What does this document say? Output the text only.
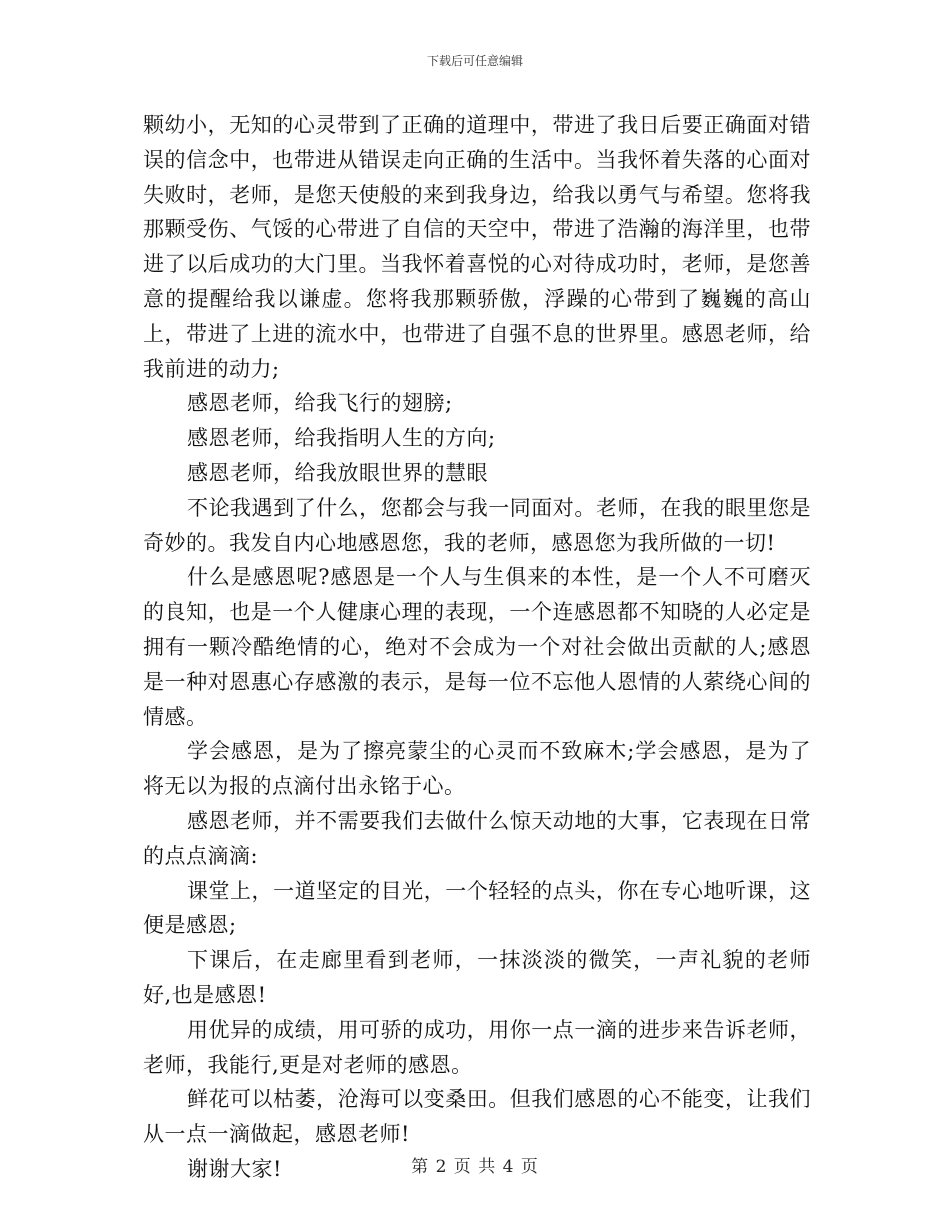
下载后可任意编辑

颗幼小，无知的心灵带到了正确的道理中，带进了我日后要正确面对错误的信念中，也带进从错误走向正确的生活中。当我怀着失落的心面对失败时，老师，是您天使般的来到我身边，给我以勇气与希望。您将我那颗受伤、气馁的心带进了自信的天空中，带进了浩瀚的海洋里，也带进了以后成功的大门里。当我怀着喜悦的心对待成功时，老师，是您善意的提醒给我以谦虚。您将我那颗骄傲，浮躁的心带到了巍巍的高山上，带进了上进的流水中，也带进了自强不息的世界里。感恩老师，给我前进的动力;

感恩老师，给我飞行的翅膀;

感恩老师，给我指明人生的方向;

感恩老师，给我放眼世界的慧眼

不论我遇到了什么，您都会与我一同面对。老师，在我的眼里您是奇妙的。我发自内心地感恩您，我的老师，感恩您为我所做的一切!

什么是感恩呢?感恩是一个人与生俱来的本性，是一个人不可磨灭的良知，也是一个人健康心理的表现，一个连感恩都不知晓的人必定是拥有一颗冷酷绝情的心，绝对不会成为一个对社会做出贡献的人;感恩是一种对恩惠心存感激的表示，是每一位不忘他人恩情的人萦绕心间的情感。

学会感恩，是为了擦亮蒙尘的心灵而不致麻木;学会感恩，是为了将无以为报的点滴付出永铭于心。

感恩老师，并不需要我们去做什么惊天动地的大事，它表现在日常的点点滴滴:

课堂上，一道坚定的目光，一个轻轻的点头，你在专心地听课，这便是感恩;

下课后，在走廊里看到老师，一抹淡淡的微笑，一声礼貌的老师好,也是感恩!

用优异的成绩，用可骄的成功，用你一点一滴的进步来告诉老师，老师，我能行,更是对老师的感恩。

鲜花可以枯萎，沧海可以变桑田。但我们感恩的心不能变，让我们从一点一滴做起，感恩老师!

谢谢大家!	第 2 页 共 4 页
